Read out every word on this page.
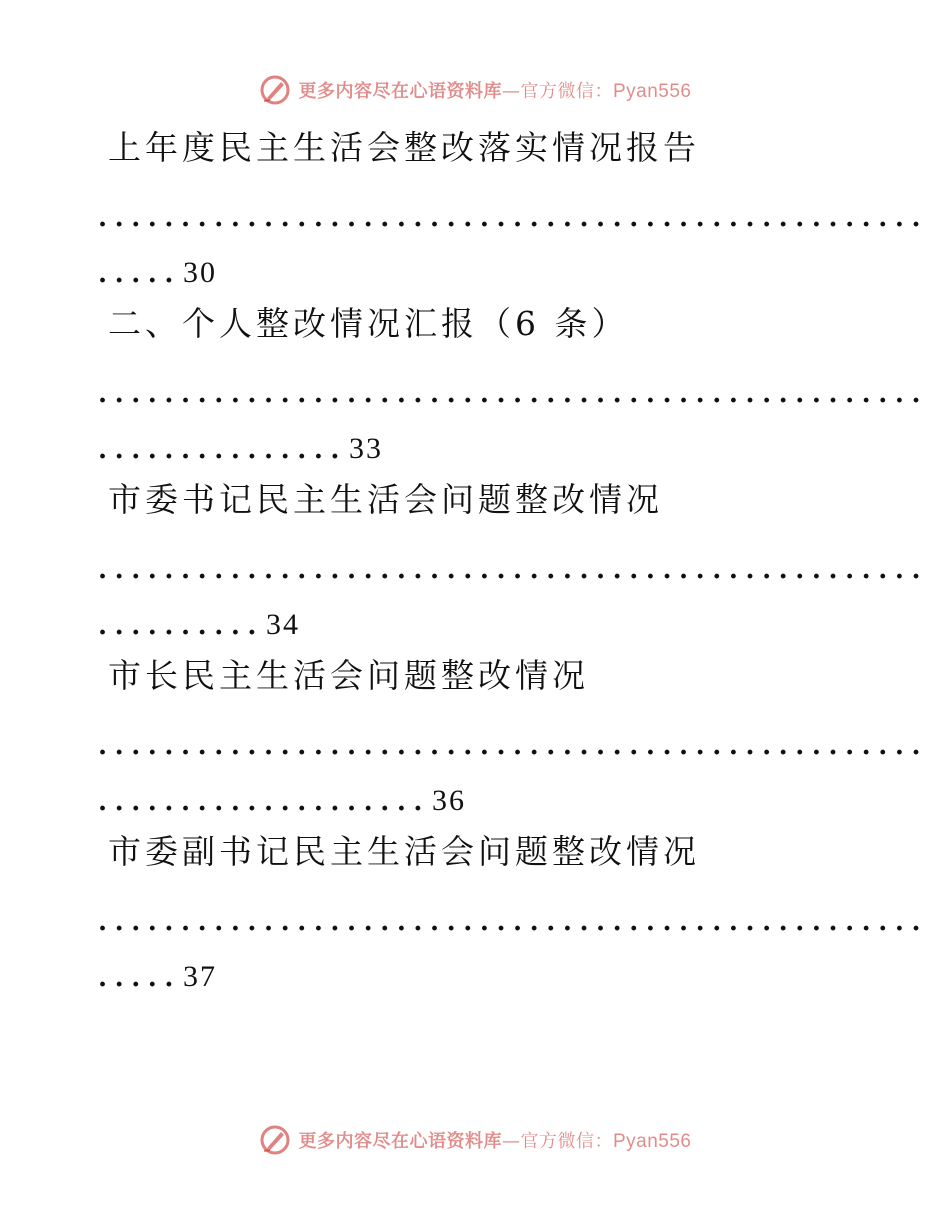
更多内容尽在心语资料库—官方微信：Pyan556
上年度民主生活会整改落实情况报告
..................................................
..... 30
二、个人整改情况汇报（6 条）
..................................................
............... 33
市委书记民主生活会问题整改情况
..................................................
.......... 34
市长民主生活会问题整改情况
..................................................
.................... 36
市委副书记民主生活会问题整改情况
..................................................
..... 37
更多内容尽在心语资料库—官方微信：Pyan556
